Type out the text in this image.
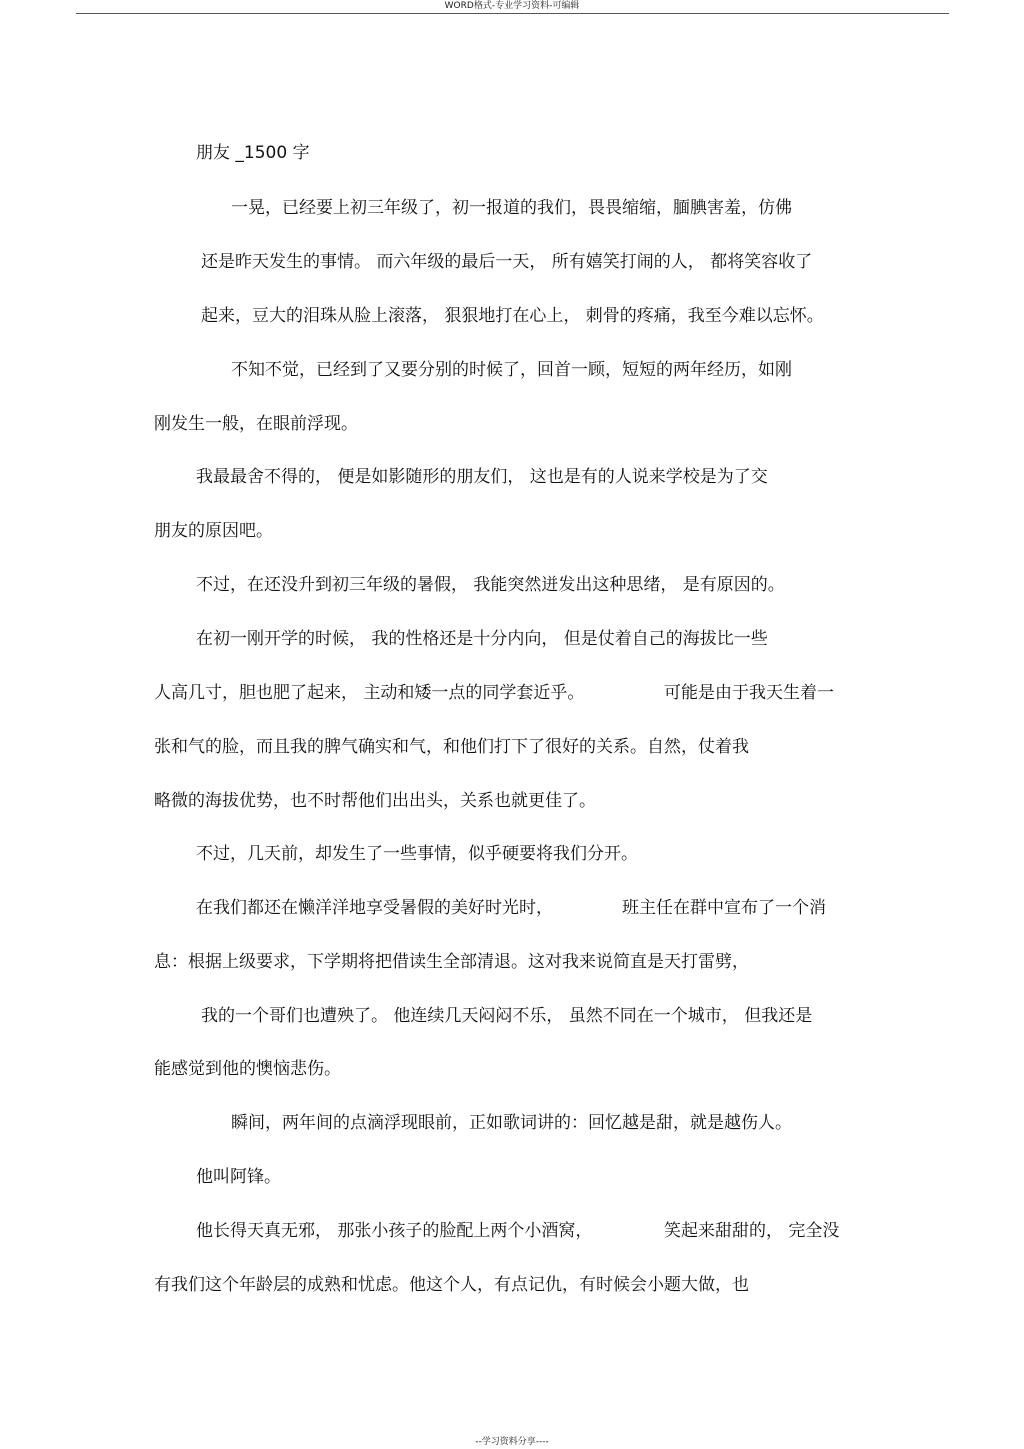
WORD格式-专业学习资料-可编辑
朋友 _1500 字
一晃，已经要上初三年级了，初一报道的我们，畏畏缩缩，腼腆害羞，仿佛
还是昨天发生的事情。 而六年级的最后一天， 所有嬉笑打闹的人， 都将笑容收了
起来，豆大的泪珠从脸上滚落， 狠狠地打在心上， 刺骨的疼痛，我至今难以忘怀。
不知不觉，已经到了又要分别的时候了，回首一顾，短短的两年经历，如刚
刚发生一般，在眼前浮现。
我最最舍不得的， 便是如影随形的朋友们， 这也是有的人说来学校是为了交
朋友的原因吧。
不过，在还没升到初三年级的暑假， 我能突然迸发出这种思绪， 是有原因的。
在初一刚开学的时候， 我的性格还是十分内向， 但是仗着自己的海拔比一些
人高几寸，胆也肥了起来， 主动和矮一点的同学套近乎。	可能是由于我天生着一
张和气的脸，而且我的脾气确实和气，和他们打下了很好的关系。自然，仗着我
略微的海拔优势，也不时帮他们出出头，关系也就更佳了。
不过，几天前，却发生了一些事情，似乎硬要将我们分开。
在我们都还在懒洋洋地享受暑假的美好时光时，	班主任在群中宣布了一个消
息：根据上级要求，下学期将把借读生全部清退。这对我来说简直是天打雷劈，
我的一个哥们也遭殃了。 他连续几天闷闷不乐， 虽然不同在一个城市， 但我还是
能感觉到他的懊恼悲伤。
瞬间，两年间的点滴浮现眼前，正如歌词讲的：回忆越是甜，就是越伤人。
他叫阿锋。
他长得天真无邪， 那张小孩子的脸配上两个小酒窝，	笑起来甜甜的， 完全没
有我们这个年龄层的成熟和忧虑。他这个人，有点记仇，有时候会小题大做，也
--学习资料分享----
